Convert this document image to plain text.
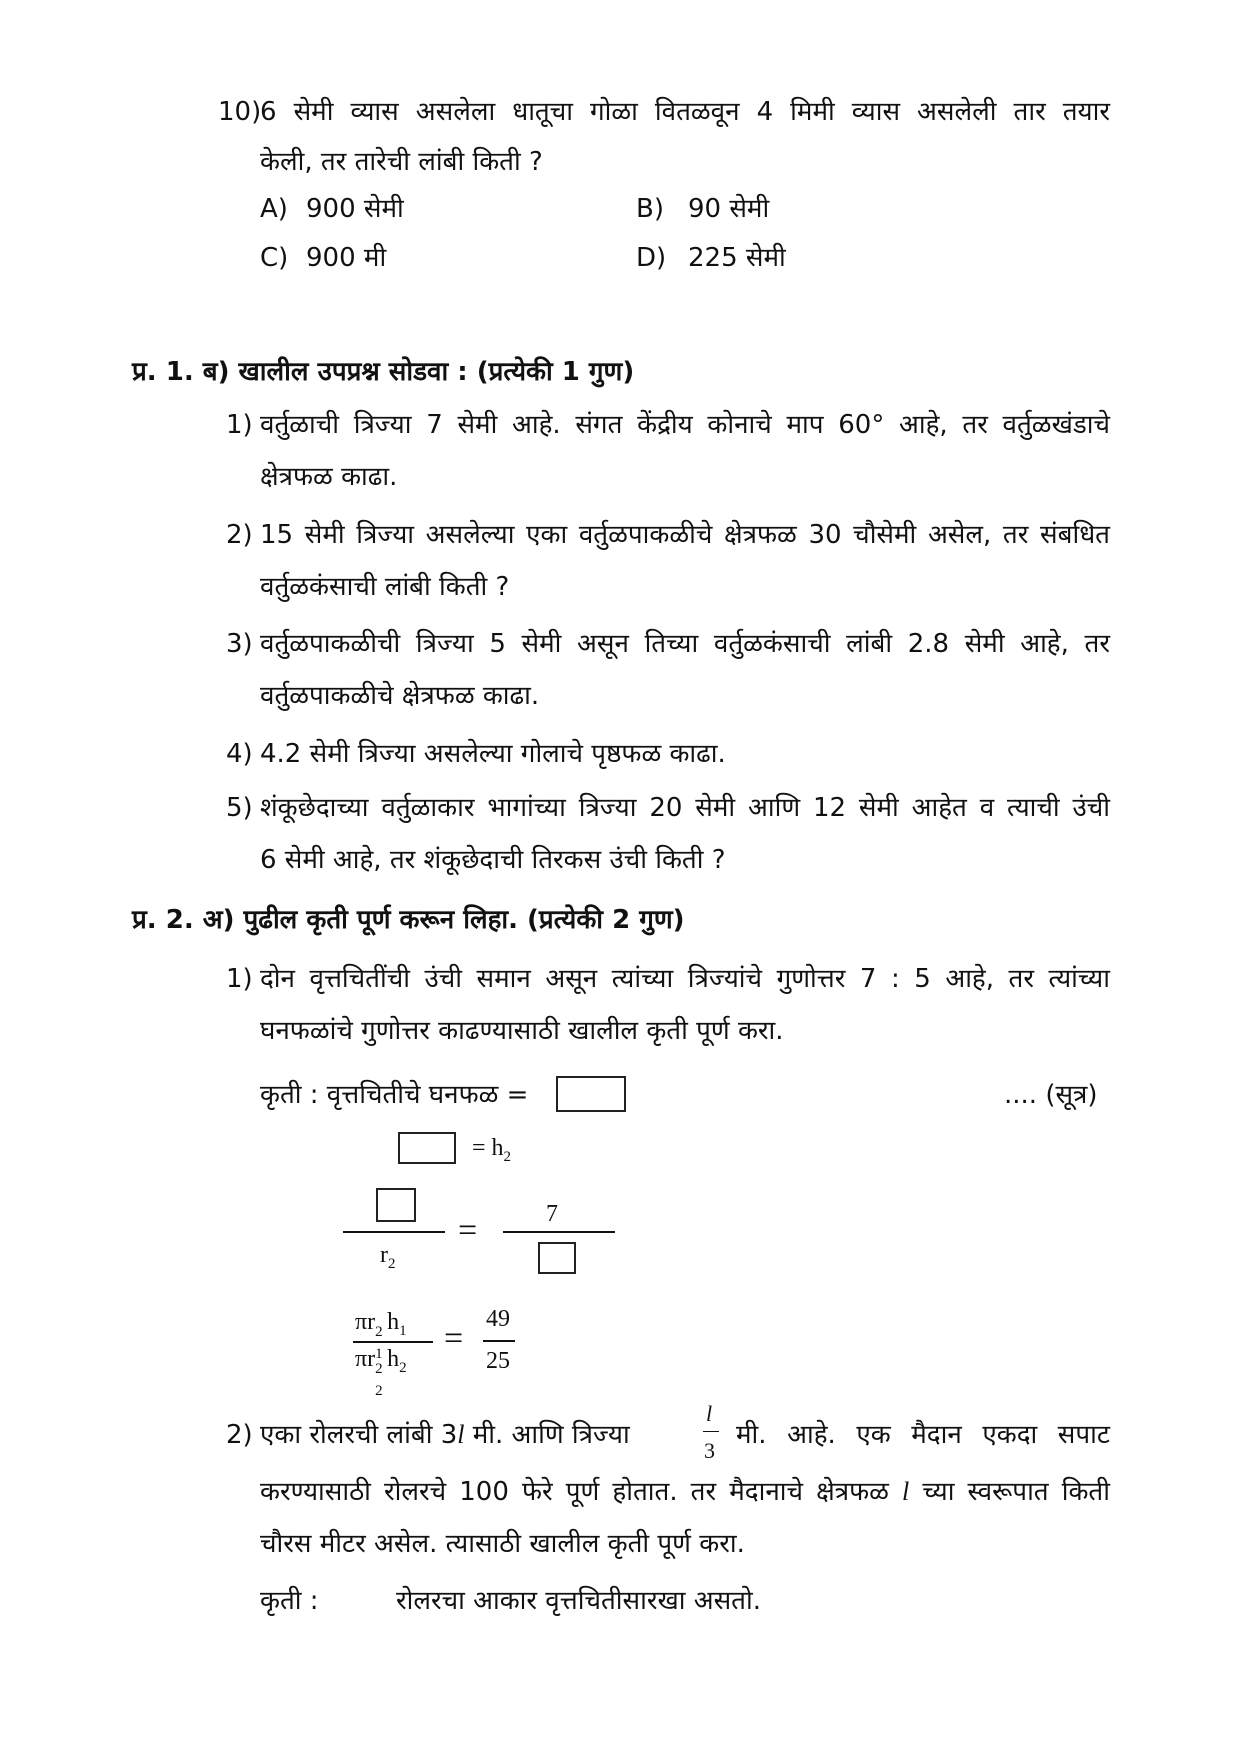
10)
6 सेमी व्यास असलेला धातूचा गोळा वितळवून 4 मिमी व्यास असलेली तार तयार
केली, तर तारेची लांबी किती ?
A) 900 सेमी	B) 90 सेमी
C) 900 मी	D) 225 सेमी
प्र. 1. ब) खालील उपप्रश्न सोडवा : (प्रत्येकी 1 गुण)
1) वर्तुळाची त्रिज्या 7 सेमी आहे. संगत केंद्रीय कोनाचे माप 60° आहे, तर वर्तुळखंडाचे
क्षेत्रफळ काढा.
2) 15 सेमी त्रिज्या असलेल्या एका वर्तुळपाकळीचे क्षेत्रफळ 30 चौसेमी असेल, तर संबधित
वर्तुळकंसाची लांबी किती ?
3) वर्तुळपाकळीची त्रिज्या 5 सेमी असून तिच्या वर्तुळकंसाची लांबी 2.8 सेमी आहे, तर
वर्तुळपाकळीचे क्षेत्रफळ काढा.
4) 4.2 सेमी त्रिज्या असलेल्या गोलाचे पृष्ठफळ काढा.
5) शंकूछेदाच्या वर्तुळाकार भागांच्या त्रिज्या 20 सेमी आणि 12 सेमी आहेत व त्याची उंची
6 सेमी आहे, तर शंकूछेदाची तिरकस उंची किती ?
प्र. 2. अ) पुढील कृती पूर्ण करून लिहा. (प्रत्येकी 2 गुण)
1) दोन वृत्तचितींची उंची समान असून त्यांच्या त्रिज्यांचे गुणोत्तर 7 : 5 आहे, तर त्यांच्या
घनफळांचे गुणोत्तर काढण्यासाठी खालील कृती पूर्ण करा.
कृती : वृत्तचितीचे घनफळ =	.... (सूत्र)
= $h_2$
$r_2$
=	7
πr 2
1
$h_1$
πr 2
2
$h_2$
=
49
25
2) एका रोलरची लांबी 3l मी. आणि त्रिज्या
l
3
मी. आहे. एक मैदान एकदा सपाट
करण्यासाठी रोलरचे 100 फेरे पूर्ण होतात. तर मैदानाचे क्षेत्रफळ l च्या स्वरूपात किती
चौरस मीटर असेल. त्यासाठी खालील कृती पूर्ण करा.
कृती :	रोलरचा आकार वृत्तचितीसारखा असतो.
